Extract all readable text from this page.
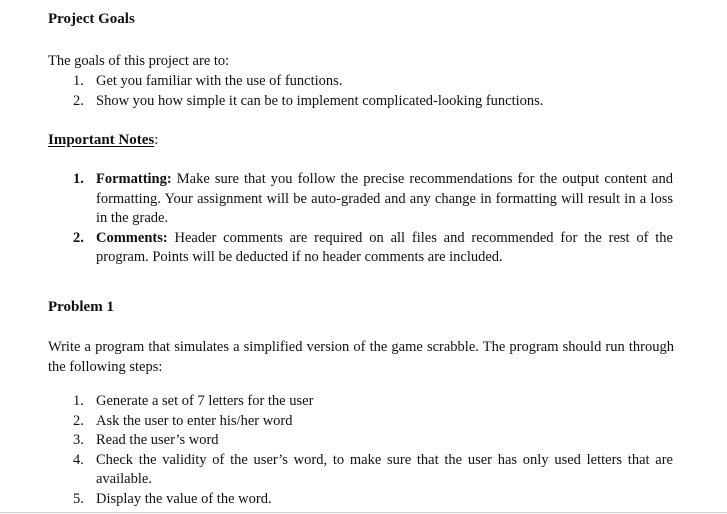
Project Goals
The goals of this project are to:
1. Get you familiar with the use of functions.
2. Show you how simple it can be to implement complicated-looking functions.
Important Notes:
1. Formatting: Make sure that you follow the precise recommendations for the output content and formatting. Your assignment will be auto-graded and any change in formatting will result in a loss in the grade.
2. Comments: Header comments are required on all files and recommended for the rest of the program. Points will be deducted if no header comments are included.
Problem 1
Write a program that simulates a simplified version of the game scrabble. The program should run through the following steps:
1. Generate a set of 7 letters for the user
2. Ask the user to enter his/her word
3. Read the user’s word
4. Check the validity of the user’s word, to make sure that the user has only used letters that are available.
5. Display the value of the word.
